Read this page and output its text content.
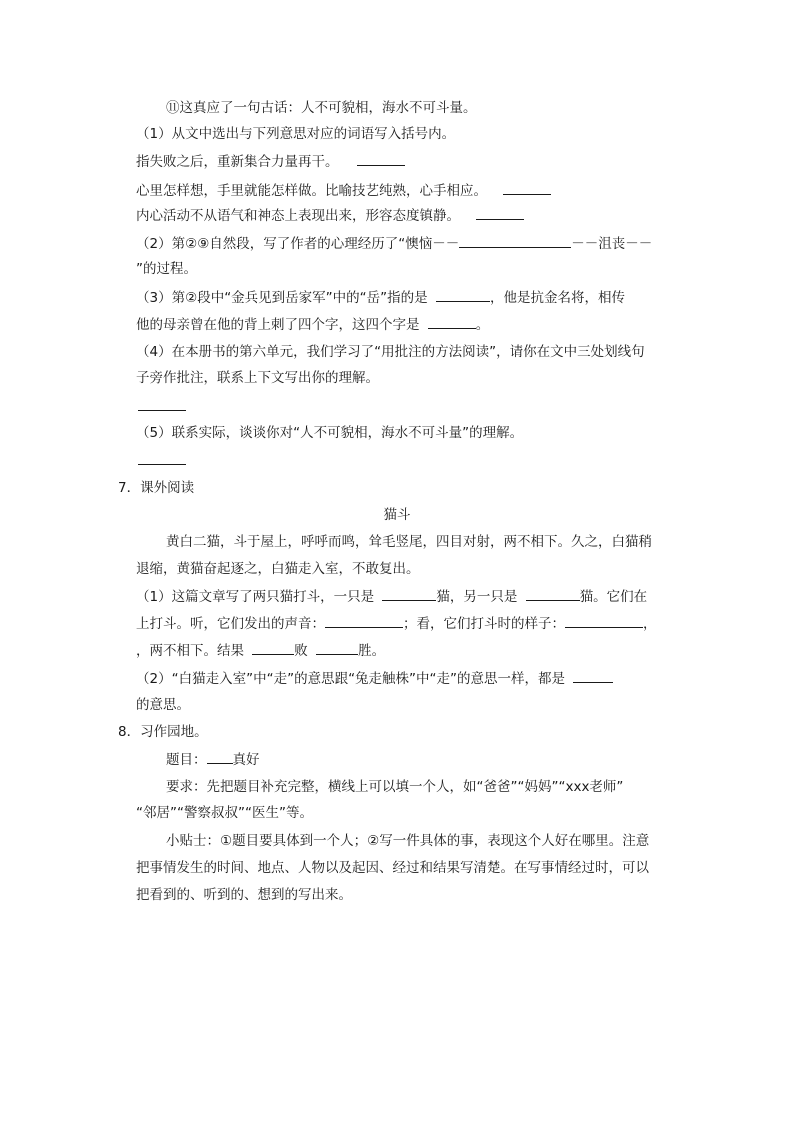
⑪这真应了一句古话：人不可貌相，海水不可斗量。
（1）从文中选出与下列意思对应的词语写入括号内。
指失败之后，重新集合力量再干。
心里怎样想，手里就能怎样做。比喻技艺纯熟，心手相应。
内心活动不从语气和神态上表现出来，形容态度镇静。
（2）第②⑨自然段，写了作者的心理经历了“懊恼－－	－－沮丧－－
”的过程。
（3）第②段中“金兵见到岳家军”中的“岳”指的是	，他是抗金名将，相传
他的母亲曾在他的背上刺了四个字，这四个字是	。
（4）在本册书的第六单元，我们学习了“用批注的方法阅读”，请你在文中三处划线句
子旁作批注，联系上下文写出你的理解。
（5）联系实际，谈谈你对“人不可貌相，海水不可斗量”的理解。
7．课外阅读
猫斗
黄白二猫，斗于屋上，呼呼而鸣，耸毛竖尾，四目对射，两不相下。久之，白猫稍
退缩，黄猫奋起逐之，白猫走入室，不敢复出。
（1）这篇文章写了两只猫打斗，一只是	猫，另一只是	猫。它们在
上打斗。听，它们发出的声音：	；看，它们打斗时的样子：	，
，两不相下。结果	败	胜。
（2）“白猫走入室”中“走”的意思跟“兔走触株”中“走”的意思一样，都是
的意思。
8．习作园地。
题目： 真好
要求：先把题目补充完整，横线上可以填一个人，如“爸爸”“妈妈”“xxx老师”
“邻居”“警察叔叔”“医生”等。
小贴士：①题目要具体到一个人；②写一件具体的事，表现这个人好在哪里。注意
把事情发生的时间、地点、人物以及起因、经过和结果写清楚。在写事情经过时，可以
把看到的、听到的、想到的写出来。
